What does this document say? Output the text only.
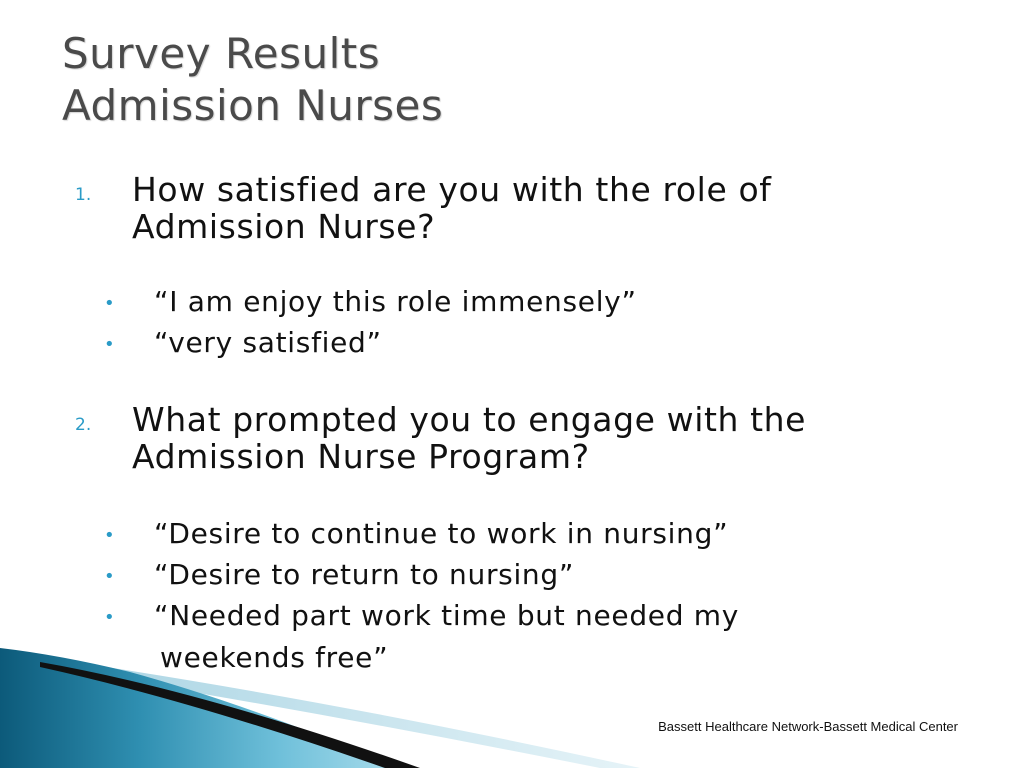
Survey Results
Admission Nurses
1. How satisfied are you with the role of Admission Nurse?
• “I am enjoy this role immensely”
• “very satisfied”
2. What prompted you to engage with the Admission Nurse Program?
• “Desire to continue to work in nursing”
• “Desire to return to nursing”
• “Needed part work time but needed my
weekends free”
Bassett Healthcare Network-Bassett Medical Center
